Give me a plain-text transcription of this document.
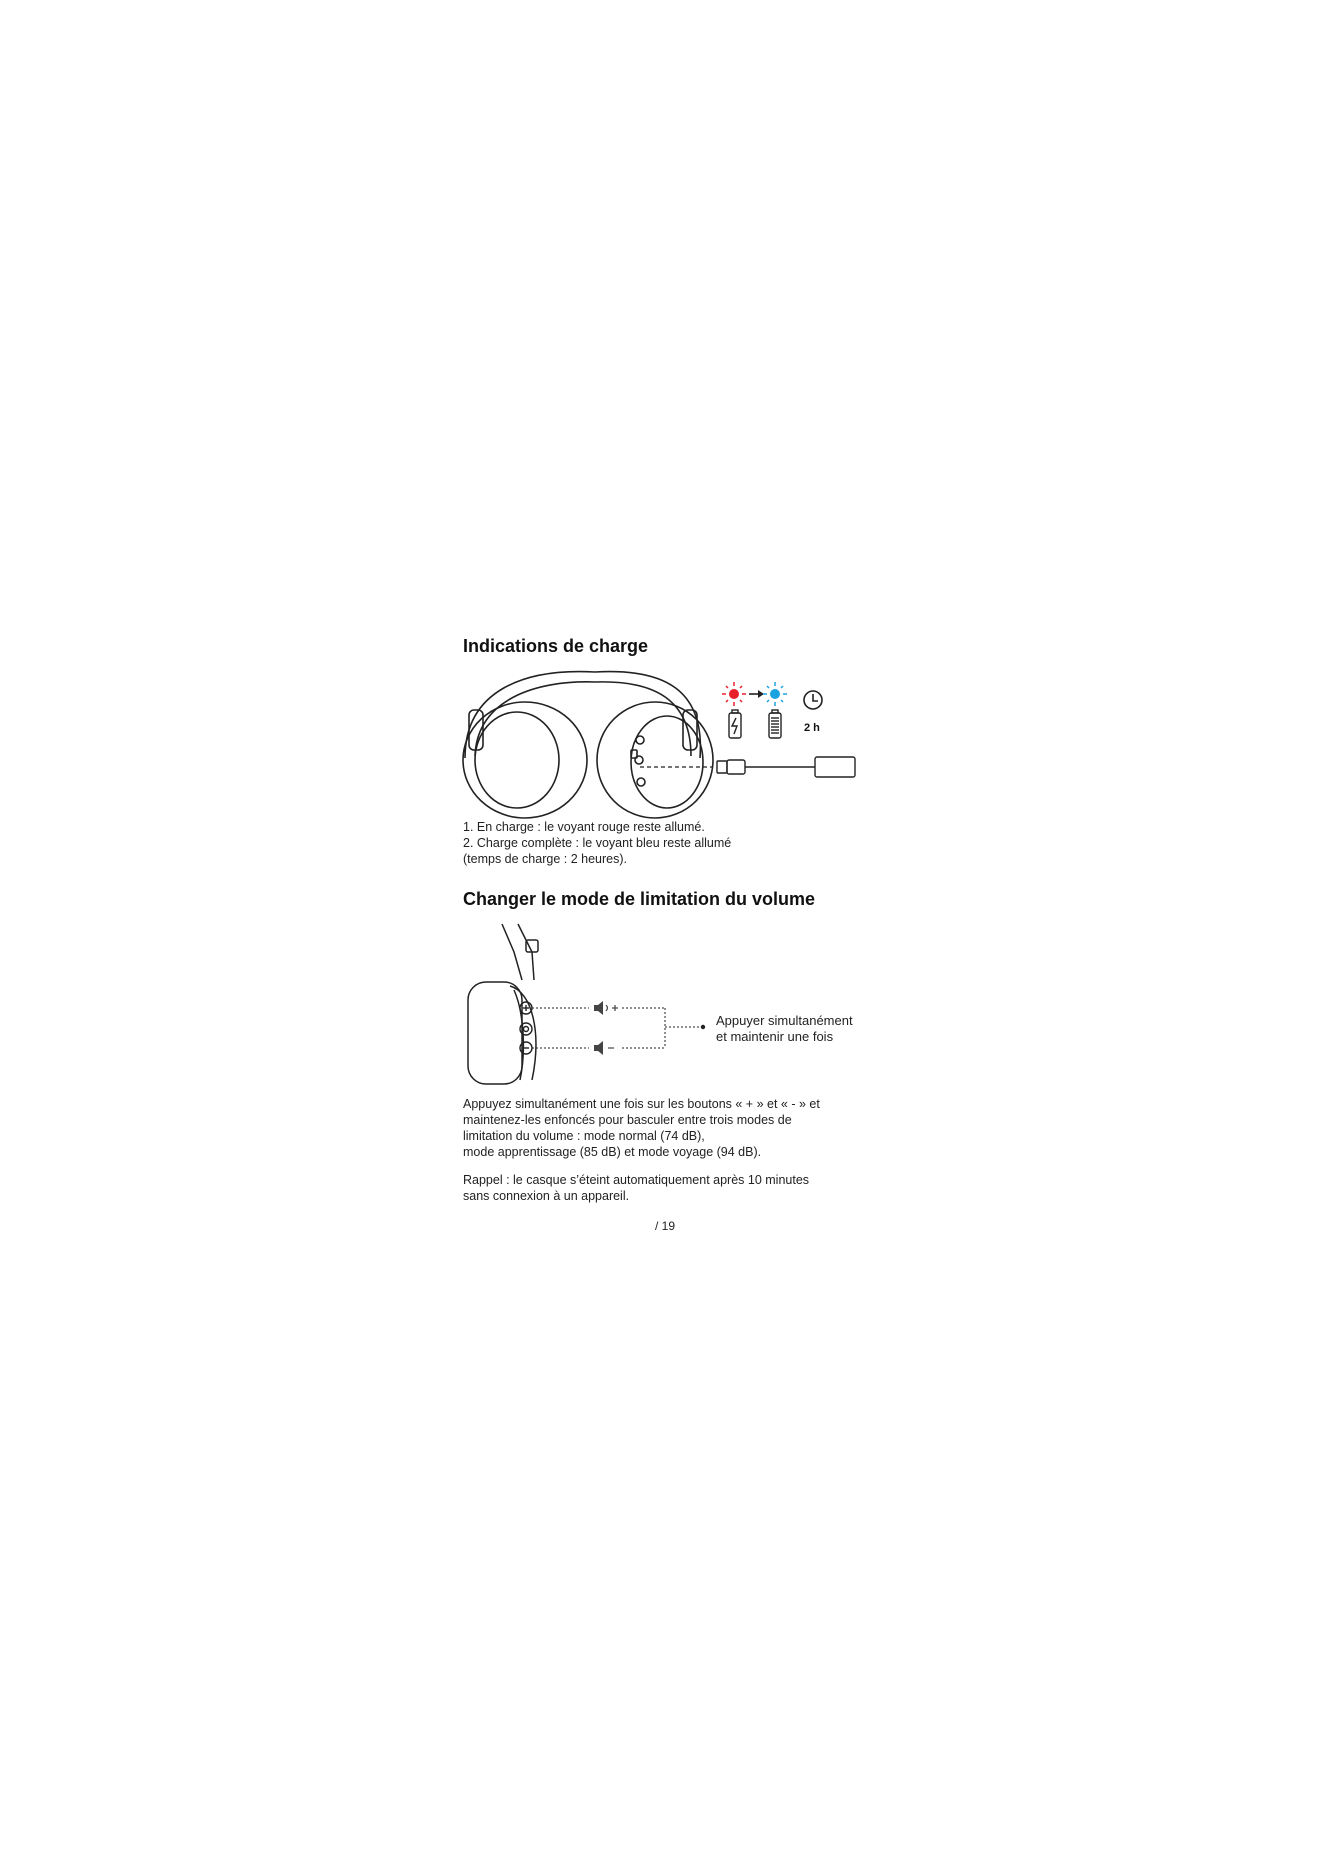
Indications de charge
2 h
1. En charge : le voyant rouge reste allumé.
2. Charge complète : le voyant bleu reste allumé
(temps de charge : 2 heures).
Changer le mode de limitation du volume
Appuyer simultanément
et maintenir une fois
Appuyez simultanément une fois sur les boutons « + » et « - » et
maintenez-les enfoncés pour basculer entre trois modes de
limitation du volume : mode normal (74 dB),
mode apprentissage (85 dB) et mode voyage (94 dB).
Rappel : le casque s’éteint automatiquement après 10 minutes
sans connexion à un appareil.
/ 19
